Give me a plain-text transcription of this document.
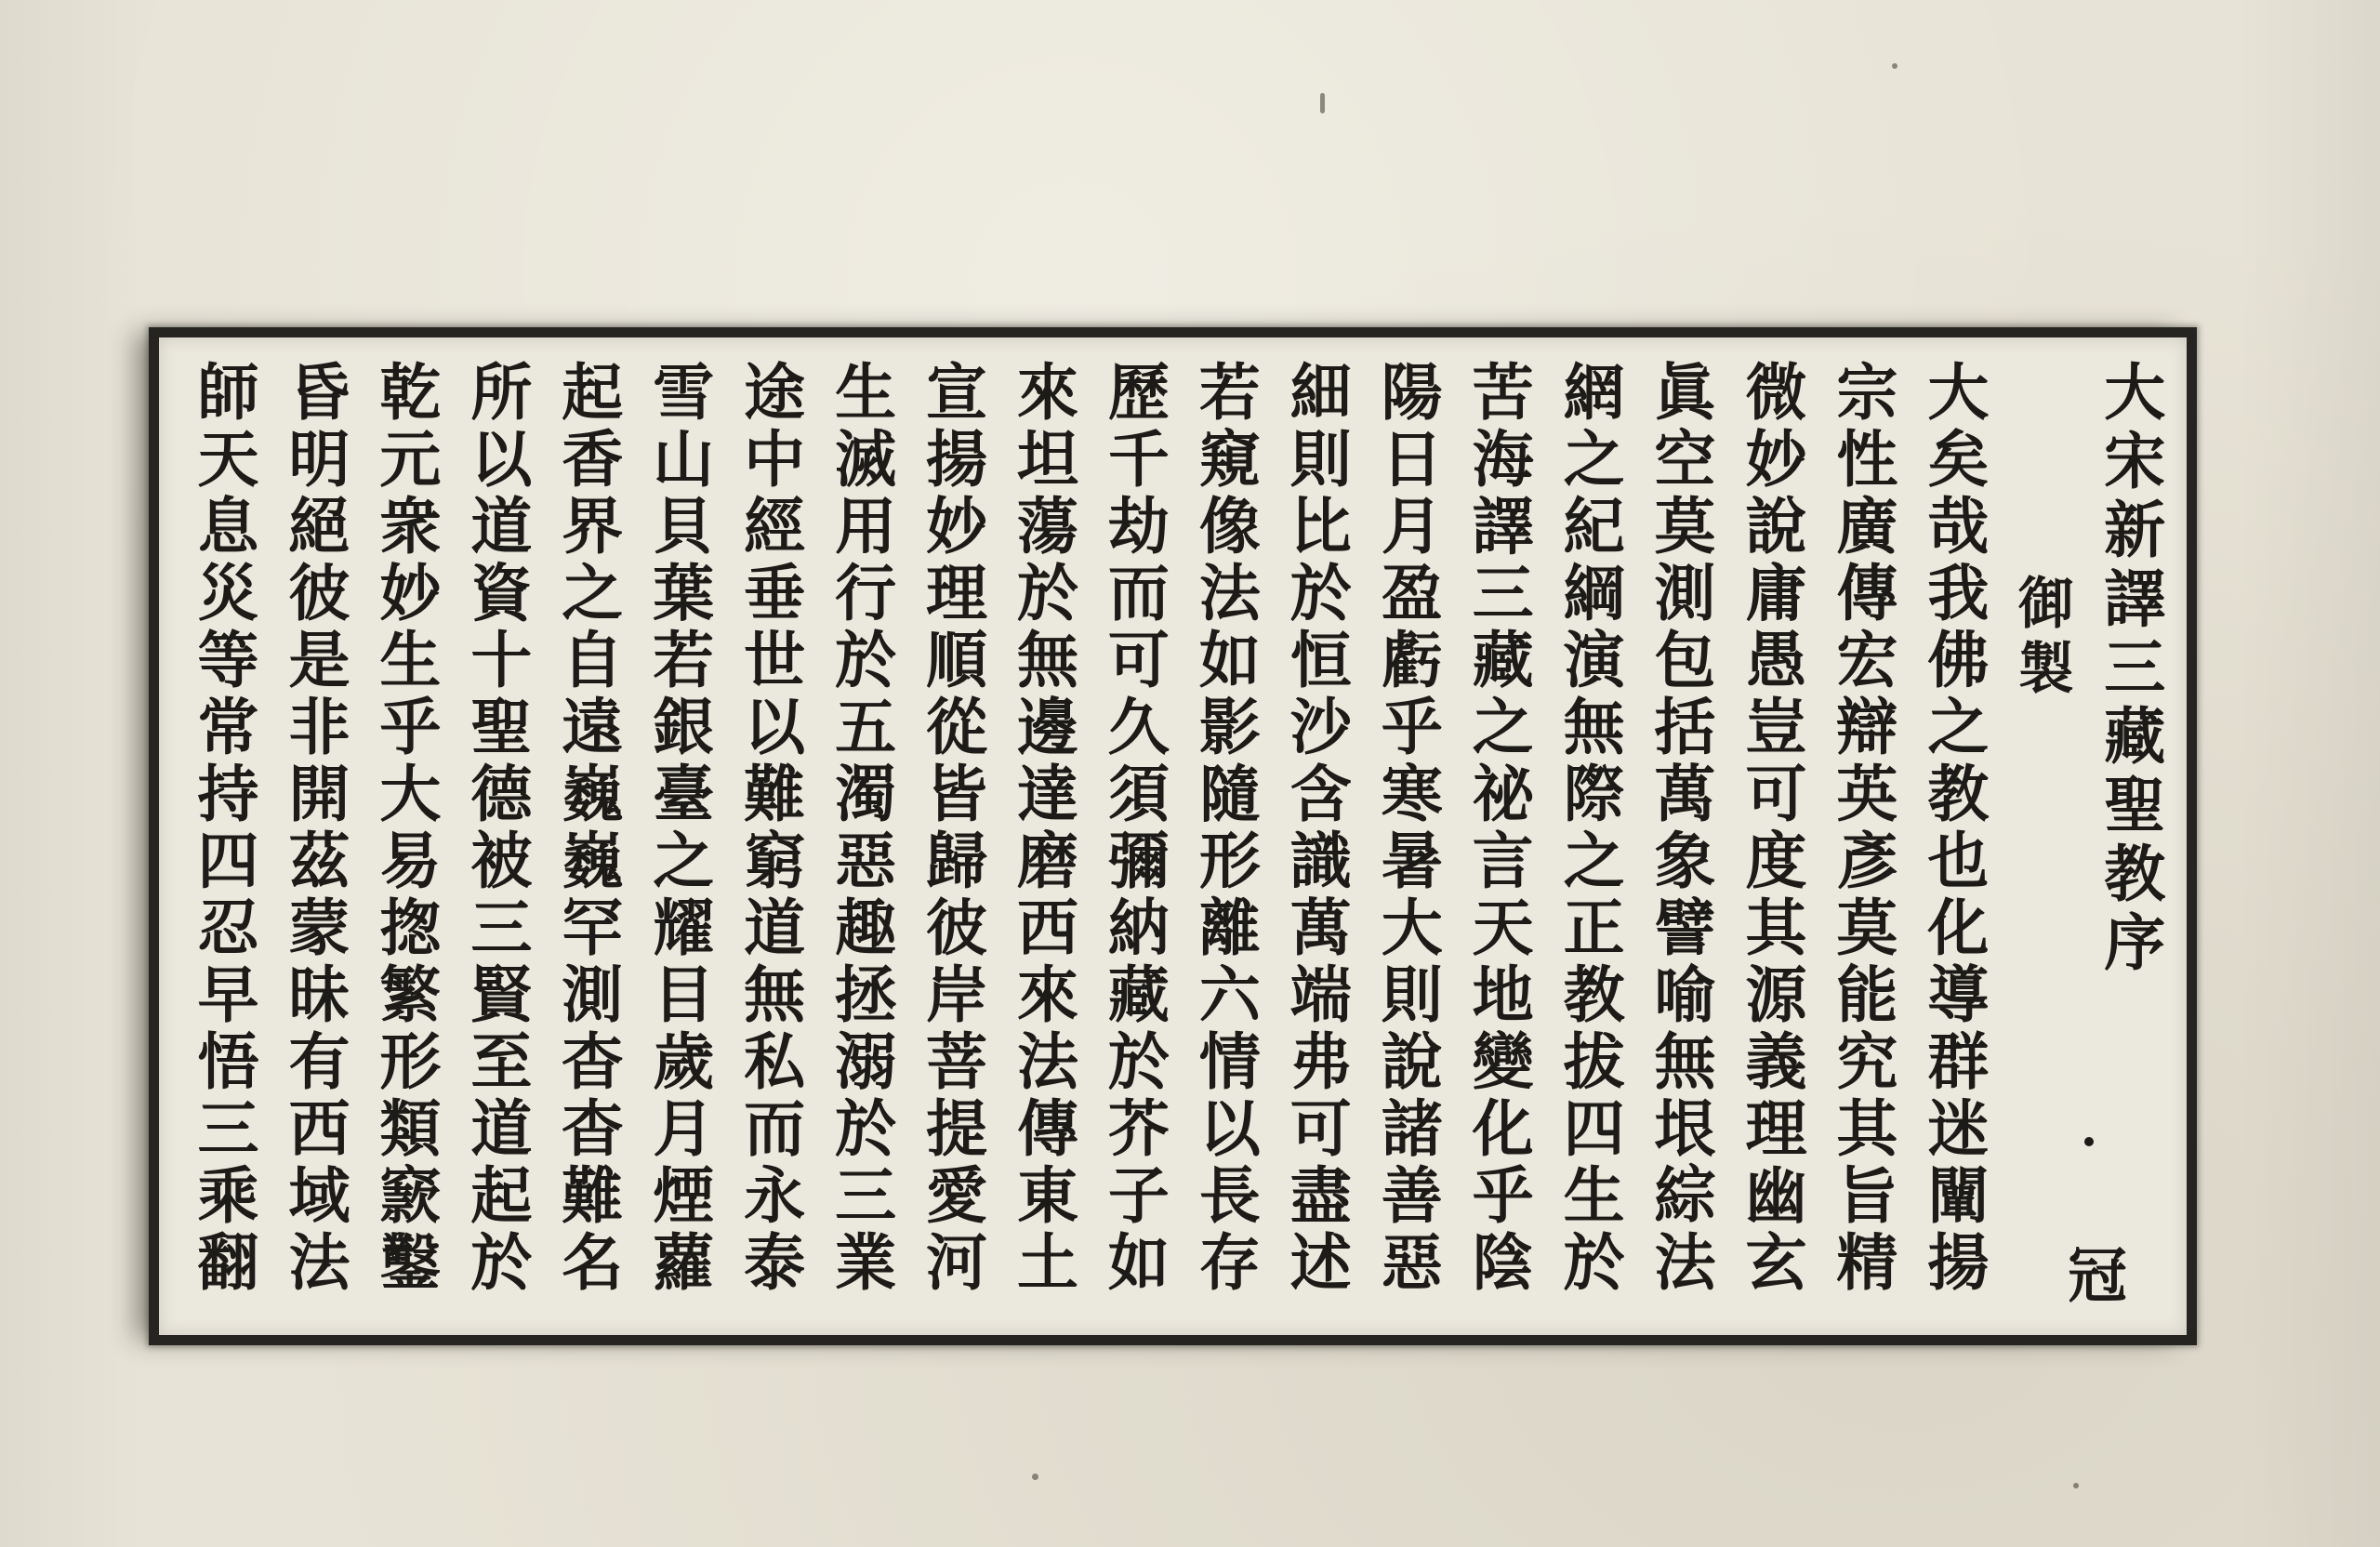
大宋新譯三藏聖教序
御製
大矣哉我佛之教也化導群迷闡揚
宗性廣傳宏辯英彥莫能究其旨精
微妙說庸愚豈可度其源義理幽玄
眞空莫測包括萬象譬喻無垠綜法
網之紀綱演無際之正教拔四生於
苦海譯三藏之祕言天地變化乎陰
陽日月盈虧乎寒暑大則說諸善惡
細則比於恒沙含識萬端弗可盡述
若窺像法如影隨形離六情以長存
歷千劫而可久須彌納藏於芥子如
來坦蕩於無邊達磨西來法傳東土
宣揚妙理順從皆歸彼岸菩提愛河
生滅用行於五濁惡趣拯溺於三業
途中經垂世以難窮道無私而永泰
雪山貝葉若銀臺之耀目歲月煙蘿
起香界之自遠巍巍罕測杳杳難名
所以道資十聖德被三賢至道起於
乾元衆妙生乎大易揔繁形類窾鑿
昏明絕彼是非開茲蒙昧有西域法
師天息災等常持四忍早悟三乘翻	冠
